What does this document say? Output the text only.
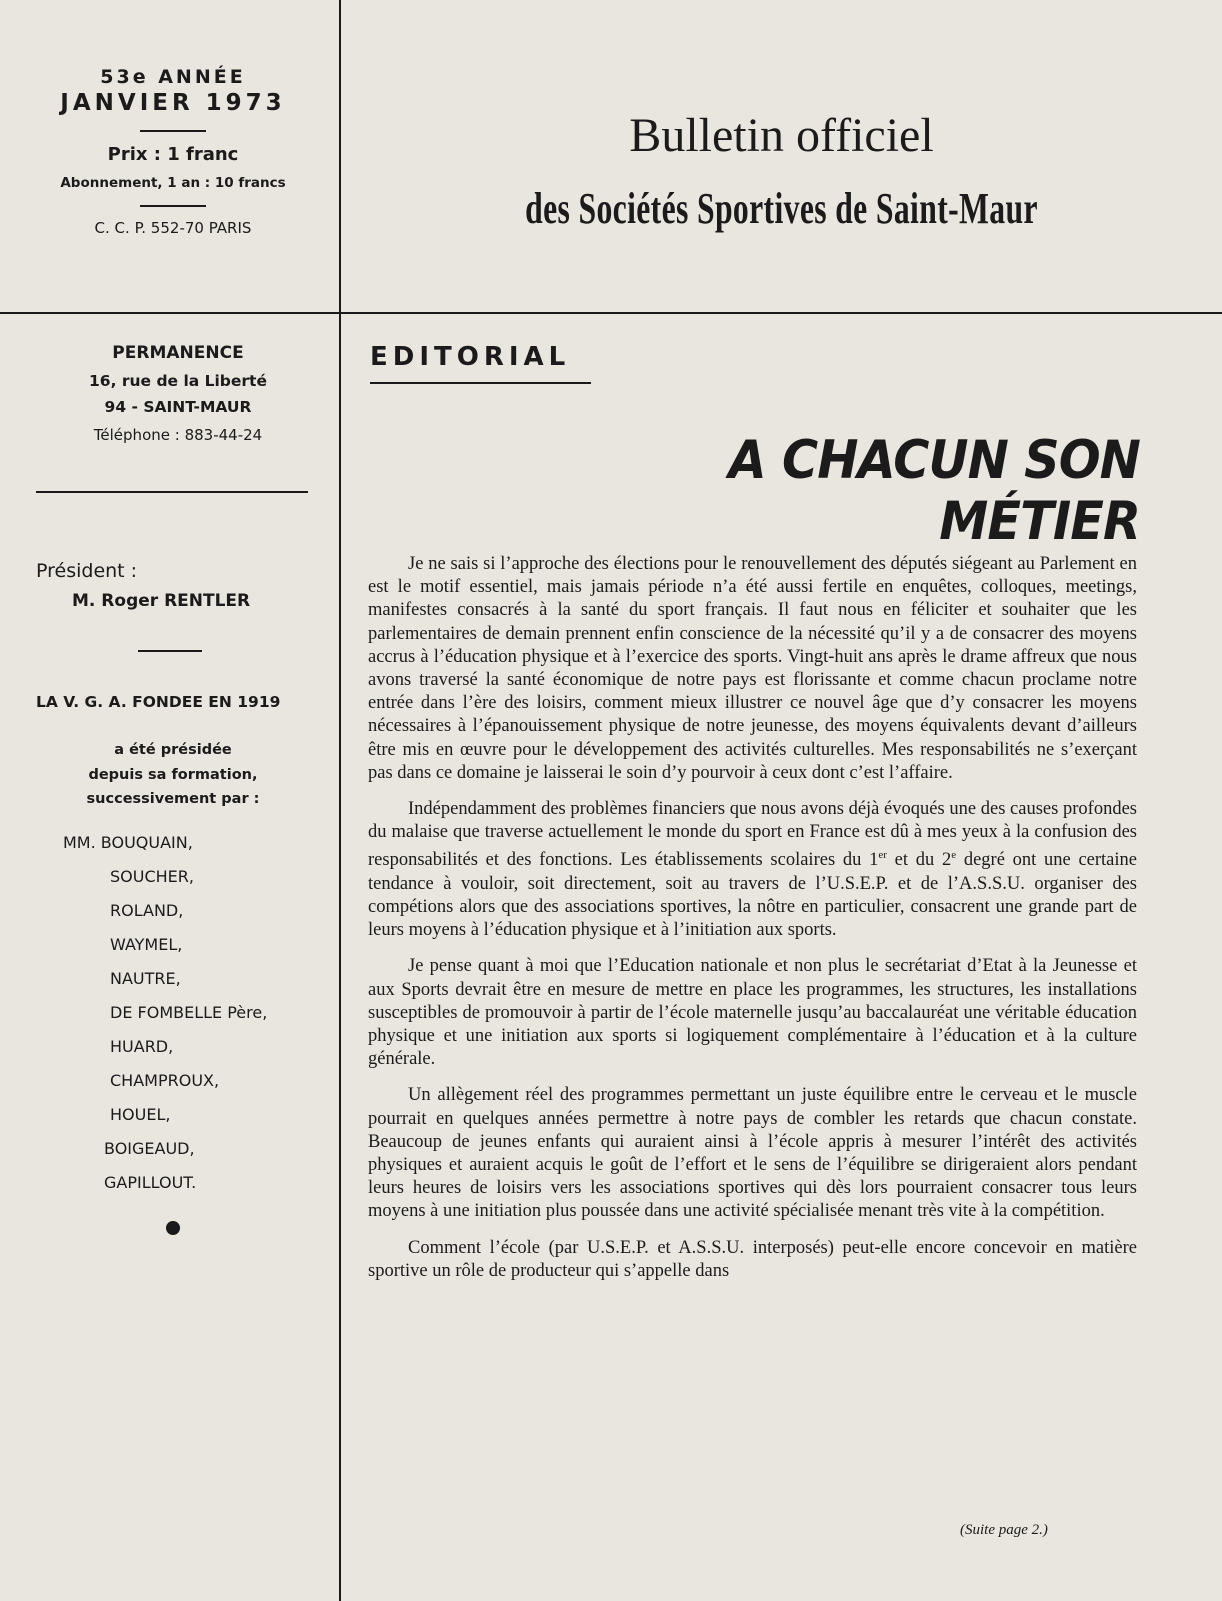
53e ANNÉE
JANVIER 1973
Prix : 1 franc
Abonnement, 1 an : 10 francs
C. C. P. 552-70 PARIS
Bulletin officiel
des Sociétés Sportives de Saint-Maur
PERMANENCE
16, rue de la Liberté
94 - SAINT-MAUR
Téléphone : 883-44-24
Président :
M. Roger RENTLER
LA V. G. A. FONDEE EN 1919
a été présidée
depuis sa formation,
successivement par :
MM. BOUQUAIN,
SOUCHER,
ROLAND,
WAYMEL,
NAUTRE,
DE FOMBELLE Père,
HUARD,
CHAMPROUX,
HOUEL,
BOIGEAUD,
GAPILLOUT.
EDITORIAL
A CHACUN SON MÉTIER

Je ne sais si l’approche des élections pour le renouvellement des députés siégeant au Parlement en est le motif essentiel, mais jamais période n’a été aussi fertile en enquêtes, colloques, meetings, manifestes consacrés à la santé du sport français. Il faut nous en féliciter et souhaiter que les parlementaires de demain prennent enfin conscience de la nécessité qu’il y a de consacrer des moyens accrus à l’éducation physique et à l’exercice des sports. Vingt-huit ans après le drame affreux que nous avons traversé la santé économique de notre pays est florissante et comme chacun proclame notre entrée dans l’ère des loisirs, comment mieux illustrer ce nouvel âge que d’y consacrer les moyens nécessaires à l’épanouissement physique de notre jeunesse, des moyens équivalents devant d’ailleurs être mis en œuvre pour le développement des activités culturelles. Mes responsabilités ne s’exerçant pas dans ce domaine je laisserai le soin d’y pourvoir à ceux dont c’est l’affaire.

Indépendamment des problèmes financiers que nous avons déjà évoqués une des causes profondes du malaise que traverse actuellement le monde du sport en France est dû à mes yeux à la confusion des responsabilités et des fonctions. Les établissements scolaires du 1er et du 2e degré ont une certaine tendance à vouloir, soit directement, soit au travers de l’U.S.E.P. et de l’A.S.S.U. organiser des compétions alors que des associations sportives, la nôtre en particulier, consacrent une grande part de leurs moyens à l’éducation physique et à l’initiation aux sports.

Je pense quant à moi que l’Education nationale et non plus le secrétariat d’Etat à la Jeunesse et aux Sports devrait être en mesure de mettre en place les programmes, les structures, les installations susceptibles de promouvoir à partir de l’école maternelle jusqu’au baccalauréat une véritable éducation physique et une initiation aux sports si logiquement complémentaire à l’éducation et à la culture générale.

Un allègement réel des programmes permettant un juste équilibre entre le cerveau et le muscle pourrait en quelques années permettre à notre pays de combler les retards que chacun constate. Beaucoup de jeunes enfants qui auraient ainsi à l’école appris à mesurer l’intérêt des activités physiques et auraient acquis le goût de l’effort et le sens de l’équilibre se dirigeraient alors pendant leurs heures de loisirs vers les associations sportives qui dès lors pourraient consacrer tous leurs moyens à une initiation plus poussée dans une activité spécialisée menant très vite à la compétition.

Comment l’école (par U.S.E.P. et A.S.S.U. interposés) peut-elle encore concevoir en matière sportive un rôle de producteur qui s’appelle dans

(Suite page 2.)
